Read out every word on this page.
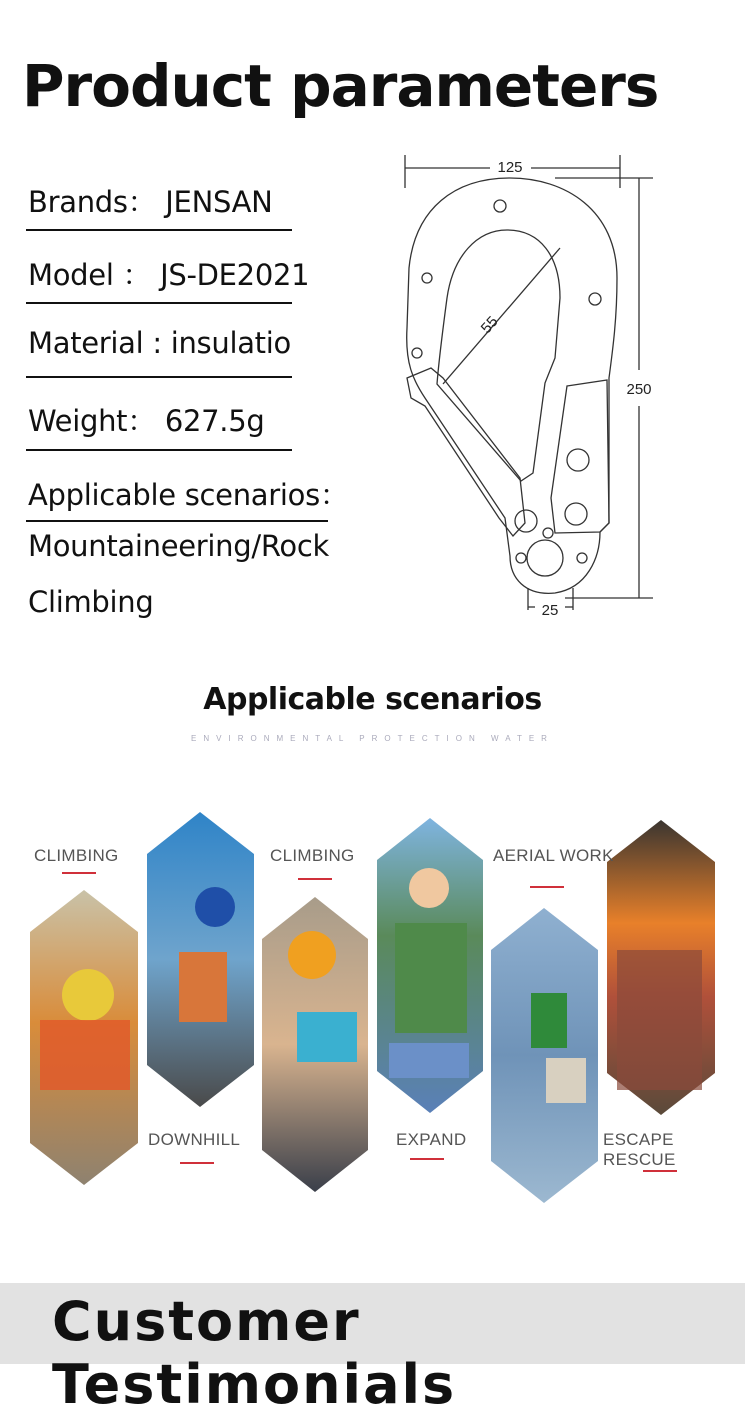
Product parameters
Brands： JENSAN
Model ： JS-DE2021
Material : insulatio
Weight： 627.5g
Applicable scenarios：
Mountaineering/Rock
Climbing
125
250
55
25
Applicable scenarios
ENVIRONMENTAL PROTECTION WATER
CLIMBING
DOWNHILL
CLIMBING
EXPAND
AERIAL WORK
ESCAPE RESCUE
Customer Testimonials
